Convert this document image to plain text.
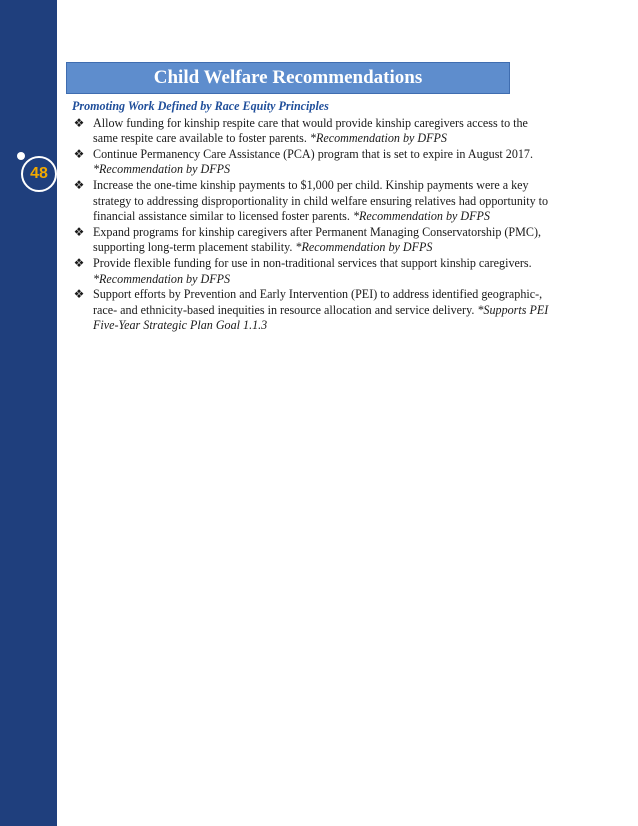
48
Child Welfare Recommendations
Promoting Work Defined by Race Equity Principles
❖ Allow funding for kinship respite care that would provide kinship caregivers access to the same respite care available to foster parents. *Recommendation by DFPS
❖ Continue Permanency Care Assistance (PCA) program that is set to expire in August 2017. *Recommendation by DFPS
❖ Increase the one-time kinship payments to $1,000 per child. Kinship payments were a key strategy to addressing disproportionality in child welfare ensuring relatives had opportunity to financial assistance similar to licensed foster parents. *Recommendation by DFPS
❖ Expand programs for kinship caregivers after Permanent Managing Conservatorship (PMC), supporting long-term placement stability. *Recommendation by DFPS
❖ Provide flexible funding for use in non-traditional services that support kinship caregivers. *Recommendation by DFPS
❖ Support efforts by Prevention and Early Intervention (PEI) to address identified geographic-, race- and ethnicity-based inequities in resource allocation and service delivery. *Supports PEI Five-Year Strategic Plan Goal 1.1.3
